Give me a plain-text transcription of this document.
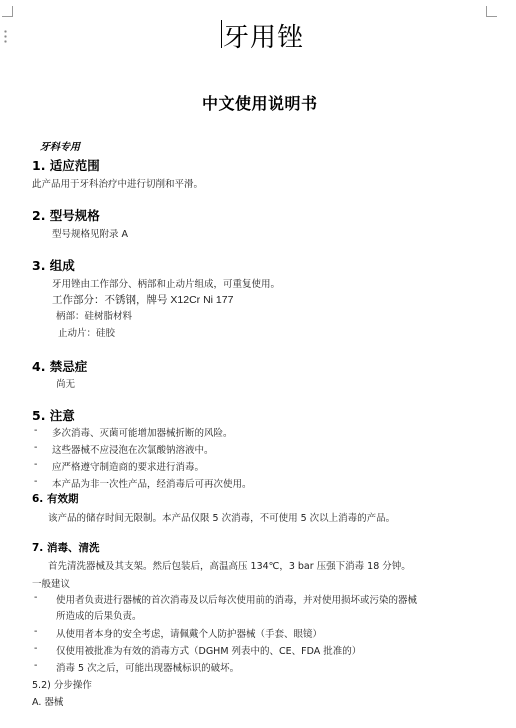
牙用锉
中文使用说明书
牙科专用
1. 适应范围
此产品用于牙科治疗中进行切削和平滑。
2. 型号规格
型号规格见附录 A
3. 组成
牙用锉由工作部分、柄部和止动片组成，可重复使用。
工作部分：不锈钢，牌号 X12Cr Ni 177
柄部：硅树脂材料
止动片：硅胶
4. 禁忌症
尚无
5. 注意
- 多次消毒、灭菌可能增加器械折断的风险。
- 这些器械不应浸泡在次氯酸钠溶液中。
- 应严格遵守制造商的要求进行消毒。
- 本产品为非一次性产品，经消毒后可再次使用。
6. 有效期
该产品的储存时间无限制。本产品仅限 5 次消毒，不可使用 5 次以上消毒的产品。
7. 消毒、清洗
首先清洗器械及其支架。然后包装后，高温高压 134℃，3 bar 压强下消毒 18 分钟。
一般建议
- 使用者负责进行器械的首次消毒及以后每次使用前的消毒，并对使用损坏或污染的器械
所造成的后果负责。
- 从使用者本身的安全考虑，请佩戴个人防护器械（手套、眼镜）
- 仅使用被批准为有效的消毒方式（DGHM 列表中的、CE、FDA 批准的）
- 消毒 5 次之后，可能出现器械标识的破坏。
5.2) 分步操作
A. 器械
